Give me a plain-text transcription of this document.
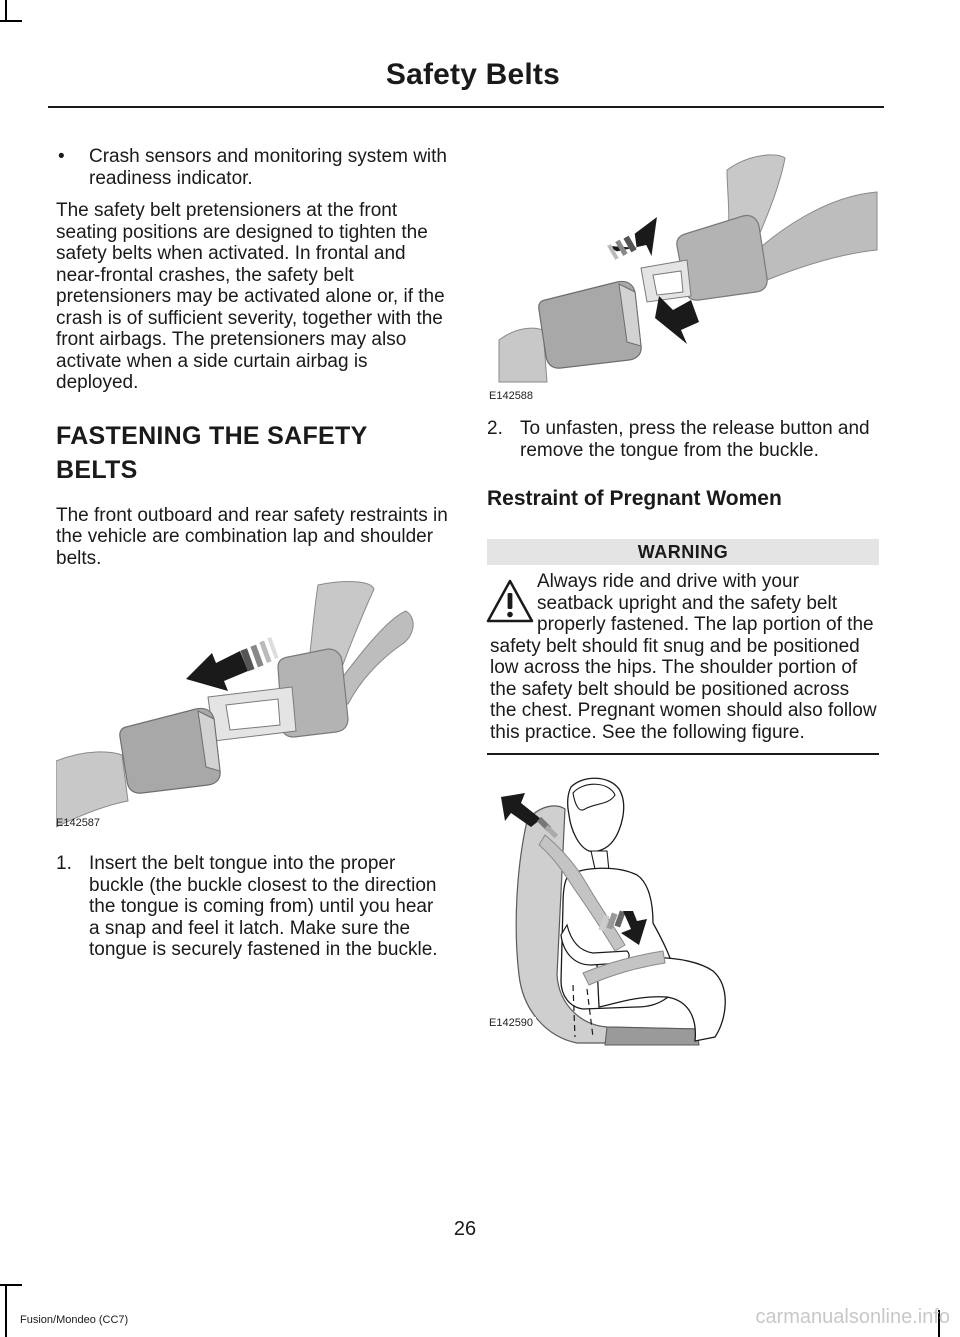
Safety Belts

• Crash sensors and monitoring system with readiness indicator.

The safety belt pretensioners at the front seating positions are designed to tighten the safety belts when activated. In frontal and near-frontal crashes, the safety belt pretensioners may be activated alone or, if the crash is of sufficient severity, together with the front airbags. The pretensioners may also activate when a side curtain airbag is deployed.

FASTENING THE SAFETY
BELTS

The front outboard and rear safety restraints in the vehicle are combination lap and shoulder belts.

E142587

1. Insert the belt tongue into the proper buckle (the buckle closest to the direction the tongue is coming from) until you hear a snap and feel it latch. Make sure the tongue is securely fastened in the buckle.

E142588

2. To unfasten, press the release button and remove the tongue from the buckle.

Restraint of Pregnant Women
WARNING

Always ride and drive with your seatback upright and the safety belt properly fastened. The lap portion of the safety belt should fit snug and be positioned low across the hips. The shoulder portion of the safety belt should be positioned across the chest. Pregnant women should also follow this practice. See the following figure.

E142590
26
Fusion/Mondeo (CC7)	carmanualsonline.info
